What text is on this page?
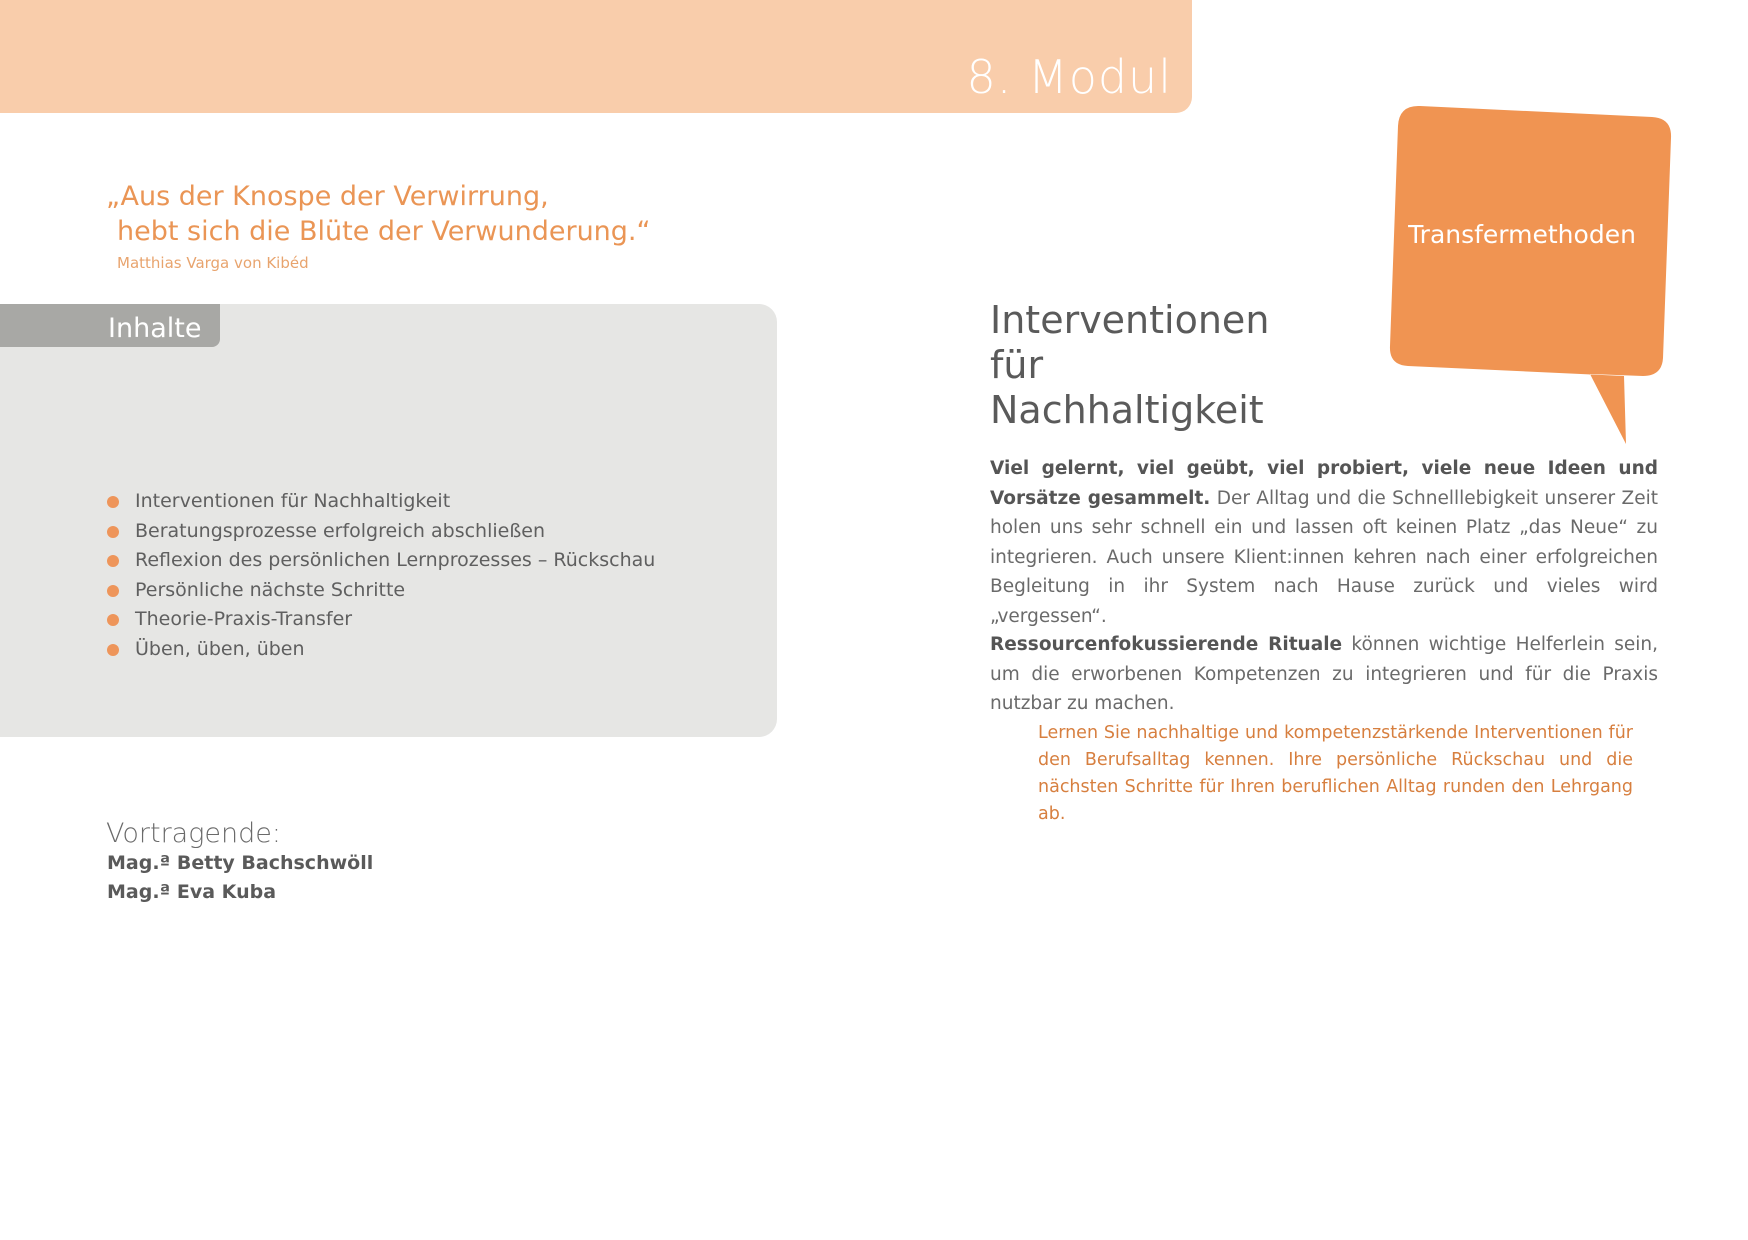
8. Modul
„Aus der Knospe der Verwirrung,
hebt sich die Blüte der Verwunderung.“
Matthias Varga von Kibéd
Inhalte
Interventionen für Nachhaltigkeit
Beratungsprozesse erfolgreich abschließen
Reflexion des persönlichen Lernprozesses – Rückschau
Persönliche nächste Schritte
Theorie-Praxis-Transfer
Üben, üben, üben
Vortragende:
Mag.ª Betty Bachschwöll
Mag.ª Eva Kuba
Transfermethoden
Interventionen
für
Nachhaltigkeit

Viel gelernt, viel geübt, viel probiert, viele neue Ideen und Vorsätze gesammelt. Der Alltag und die Schnelllebigkeit unserer Zeit holen uns sehr schnell ein und lassen oft keinen Platz „das Neue“ zu integrieren. Auch unsere Klient:innen kehren nach einer erfolgreichen Begleitung in ihr System nach Hause zurück und vieles wird „vergessen“.

Ressourcenfokussierende Rituale können wichtige Helferlein sein, um die erworbenen Kompetenzen zu integrieren und für die Praxis nutzbar zu machen.

Lernen Sie nachhaltige und kompetenzstärkende Interventionen für den Berufsalltag kennen. Ihre persönliche Rückschau und die nächsten Schritte für Ihren beruflichen Alltag runden den Lehrgang ab.
